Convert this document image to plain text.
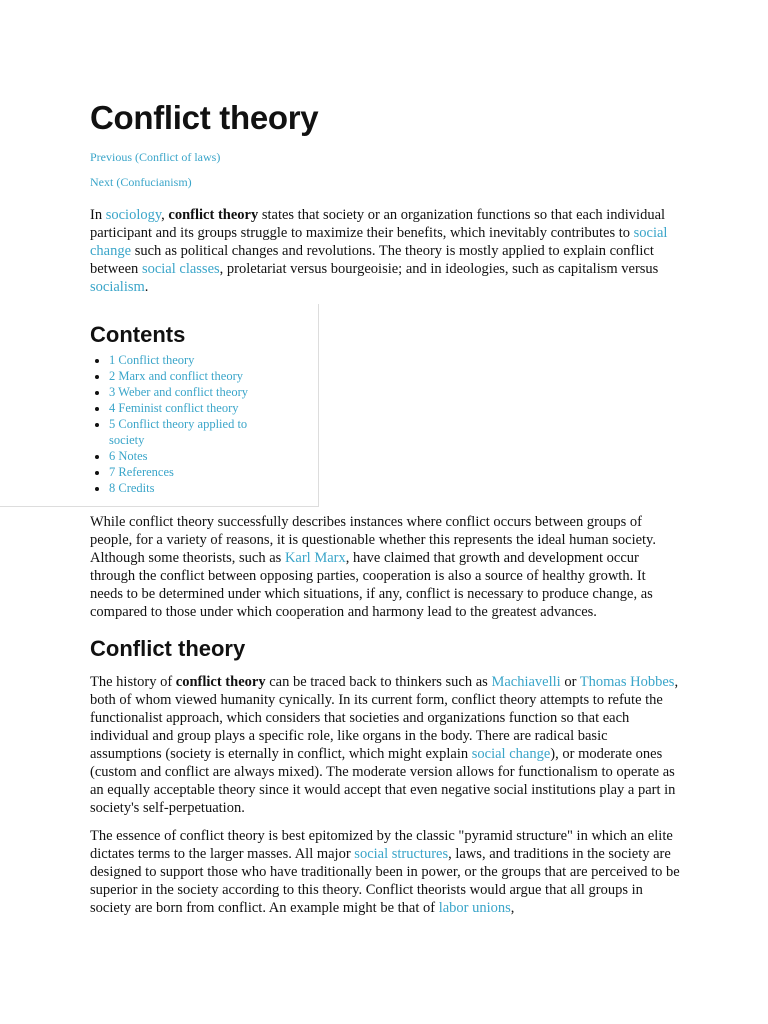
Conflict theory
Previous (Conflict of laws)
Next (Confucianism)

In sociology, conflict theory states that society or an organization functions so that each individual participant and its groups struggle to maximize their benefits, which inevitably contributes to social change such as political changes and revolutions. The theory is mostly applied to explain conflict between social classes, proletariat versus bourgeoisie; and in ideologies, such as capitalism versus socialism.

Contents
• 1 Conflict theory
• 2 Marx and conflict theory
• 3 Weber and conflict theory
• 4 Feminist conflict theory
• 5 Conflict theory applied to society
• 6 Notes
• 7 References
• 8 Credits

While conflict theory successfully describes instances where conflict occurs between groups of people, for a variety of reasons, it is questionable whether this represents the ideal human society. Although some theorists, such as Karl Marx, have claimed that growth and development occur through the conflict between opposing parties, cooperation is also a source of healthy growth. It needs to be determined under which situations, if any, conflict is necessary to produce change, as compared to those under which cooperation and harmony lead to the greatest advances.

Conflict theory

The history of conflict theory can be traced back to thinkers such as Machiavelli or Thomas Hobbes, both of whom viewed humanity cynically. In its current form, conflict theory attempts to refute the functionalist approach, which considers that societies and organizations function so that each individual and group plays a specific role, like organs in the body. There are radical basic assumptions (society is eternally in conflict, which might explain social change), or moderate ones (custom and conflict are always mixed). The moderate version allows for functionalism to operate as an equally acceptable theory since it would accept that even negative social institutions play a part in society's self-perpetuation.

The essence of conflict theory is best epitomized by the classic "pyramid structure" in which an elite dictates terms to the larger masses. All major social structures, laws, and traditions in the society are designed to support those who have traditionally been in power, or the groups that are perceived to be superior in the society according to this theory. Conflict theorists would argue that all groups in society are born from conflict. An example might be that of labor unions,
